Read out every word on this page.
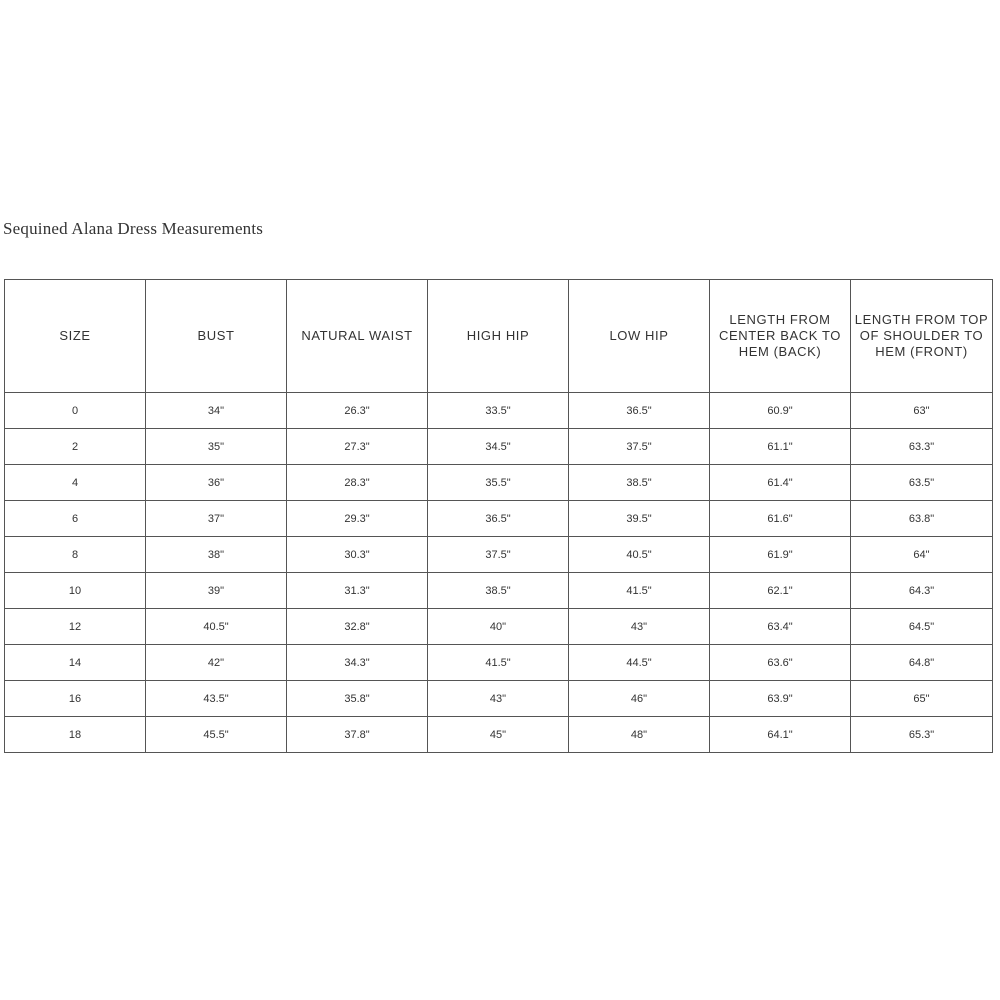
Sequined Alana Dress Measurements
SIZE	BUST	NATURAL WAIST	HIGH HIP	LOW HIP	LENGTH FROM CENTER BACK TO HEM (BACK)	LENGTH FROM TOP OF SHOULDER TO HEM (FRONT)
0	34"	26.3"	33.5"	36.5"	60.9"	63"
2	35"	27.3"	34.5"	37.5"	61.1"	63.3"
4	36"	28.3"	35.5"	38.5"	61.4"	63.5"
6	37"	29.3"	36.5"	39.5"	61.6"	63.8"
8	38"	30.3"	37.5"	40.5"	61.9"	64"
10	39"	31.3"	38.5"	41.5"	62.1"	64.3"
12	40.5"	32.8"	40"	43"	63.4"	64.5"
14	42"	34.3"	41.5"	44.5"	63.6"	64.8"
16	43.5"	35.8"	43"	46"	63.9"	65"
18	45.5"	37.8"	45"	48"	64.1"	65.3"
